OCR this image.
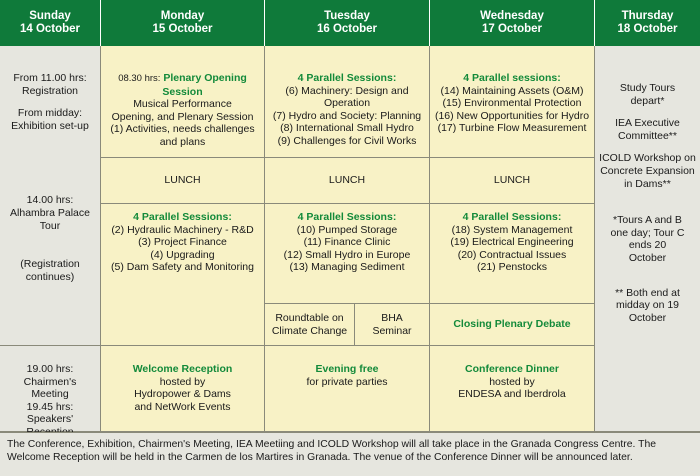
Sunday
14 October
Monday
15 October
Tuesday
16 October
Wednesday
17 October
Thursday
18 October
From 11.00 hrs: Registration
From midday: Exhibition set-up
14.00 hrs: Alhambra Palace Tour
(Registration continues)
19.00 hrs: Chairmen's Meeting
19.45 hrs: Speakers'
08.30 hrs: Plenary Opening Session
Musical Performance
Opening, and Plenary Session
(1) Activities, needs challenges
and plans
LUNCH
4 Parallel Sessions:
(2) Hydraulic Machinery - R&D
(3) Project Finance
(4) Upgrading
(5) Dam Safety and Monitoring
Welcome Reception
hosted by
Hydropower & Dams
and NetWork Events
4 Parallel Sessions:
(6) Machinery: Design and Operation
(7) Hydro and Society: Planning
(8) International Small Hydro
(9) Challenges for Civil Works
LUNCH
4 Parallel Sessions:
(10) Pumped Storage
(11) Finance Clinic
(12) Small Hydro in Europe
(13) Managing Sediment
Roundtable on Climate Change
BHA Seminar
Evening free
for private parties
4 Parallel sessions:
(14) Maintaining Assets (O&M)
(15) Environmental Protection
(16) New Opportunities for Hydro
(17) Turbine Flow Measurement
LUNCH
4 Parallel Sessions:
(18) System Management
(19) Electrical Engineering
(20) Contractual Issues
(21) Penstocks
Closing Plenary Debate
Conference Dinner
hosted by
ENDESA and Iberdrola
Study Tours depart*
IEA Executive Committee**
ICOLD Workshop on Concrete Expansion in Dams**
*Tours A and B one day; Tour C ends 20 October
** Both end at midday on 19 October
The Conference, Exhibition, Chairmen's Meeting, IEA Meetiing and ICOLD Workshop will all take place in the Granada Congress Centre. The Welcome Reception will be held in the Carmen de los Martires in Granada. The venue of the Conference Dinner will be announced later.
